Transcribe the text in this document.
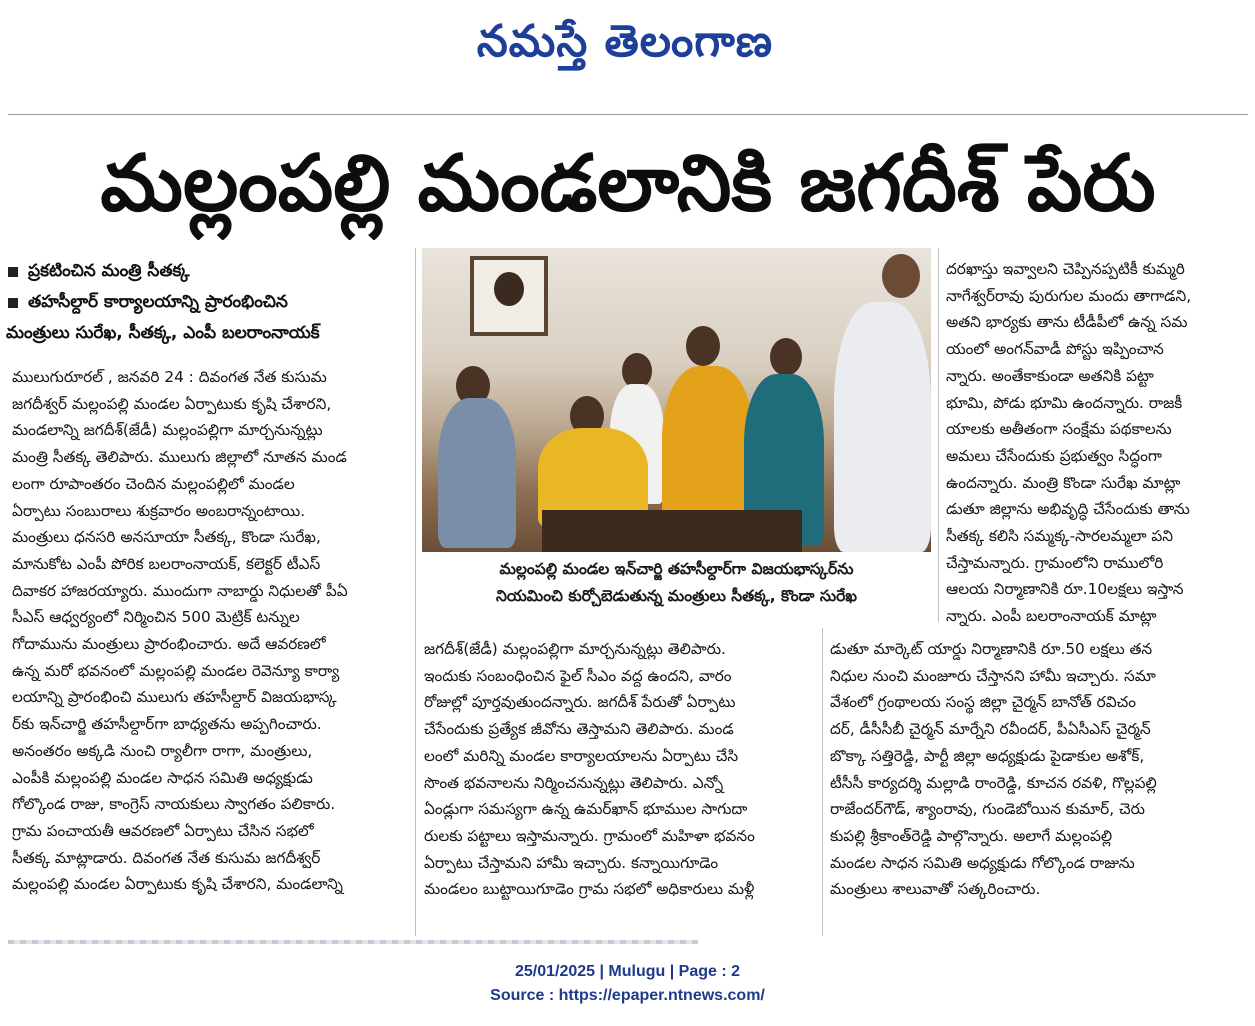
నమస్తే తెలంగాణ
మల్లంపల్లి మండలానికి జగదీశ్ పేరు
ప్రకటించిన మంత్రి సీతక్క
తహసీల్దార్ కార్యాలయాన్ని ప్రారంభించిన
మంత్రులు సురేఖ, సీతక్క, ఎంపీ బలరాంనాయక్

ములుగురూరల్ , జనవరి 24 : దివంగత నేత కుసుమ

జగదీశ్వర్ మల్లంపల్లి మండల ఏర్పాటుకు కృషి చేశారని,

మండలాన్ని జగదీశ్(జేడీ) మల్లంపల్లిగా మార్చనున్నట్లు

మంత్రి సీతక్క తెలిపారు. ములుగు జిల్లాలో నూతన మండ

లంగా రూపాంతరం చెందిన మల్లంపల్లిలో మండల

ఏర్పాటు సంబురాలు శుక్రవారం అంబరాన్నంటాయి.

మంత్రులు ధనసరి అనసూయా సీతక్క, కొండా సురేఖ,

మానుకోట ఎంపీ పోరిక బలరాంనాయక్, కలెక్టర్ టీఎస్

దివాకర హాజరయ్యారు. ముందుగా నాబార్డు నిధులతో పీఏ

సీఎస్ ఆధ్వర్యంలో నిర్మించిన 500 మెట్రిక్ టన్నుల

గోదామును మంత్రులు ప్రారంభించారు. అదే ఆవరణలో

ఉన్న మరో భవనంలో మల్లంపల్లి మండల రెవెన్యూ కార్యా

లయాన్ని ప్రారంభించి ములుగు తహసీల్దార్ విజయభాస్క

ర్‌కు ఇన్‌చార్జి తహసీల్దార్‌గా బాధ్యతను అప్పగించారు.

అనంతరం అక్కడి నుంచి ర్యాలీగా రాగా, మంత్రులు,

ఎంపీకి మల్లంపల్లి మండల సాధన సమితి అధ్యక్షుడు

గోల్కొండ రాజు, కాంగ్రెస్ నాయకులు స్వాగతం పలికారు.

గ్రామ పంచాయతీ ఆవరణలో ఏర్పాటు చేసిన సభలో

సీతక్క మాట్లాడారు. దివంగత నేత కుసుమ జగదీశ్వర్

మల్లంపల్లి మండల ఏర్పాటుకు కృషి చేశారని, మండలాన్ని

మల్లంపల్లి మండల ఇన్‌చార్జి తహసీల్దార్‌గా విజయభాస్కర్‌ను
నియమించి కుర్చోబెడుతున్న మంత్రులు సీతక్క, కొండా సురేఖ

జగదీశ్(జేడీ) మల్లంపల్లిగా మార్చనున్నట్లు తెలిపారు.

ఇందుకు సంబంధించిన ఫైల్ సీఎం వద్ద ఉందని, వారం

రోజుల్లో పూర్తవుతుందన్నారు. జగదీశ్ పేరుతో ఏర్పాటు

చేసేందుకు ప్రత్యేక జీవోను తెస్తామని తెలిపారు. మండ

లంలో మరిన్ని మండల కార్యాలయాలను ఏర్పాటు చేసి

సొంత భవనాలను నిర్మించనున్నట్లు తెలిపారు. ఎన్నో

ఏండ్లుగా సమస్యగా ఉన్న ఉమర్‌ఖాన్ భూముల సాగుదా

రులకు పట్టాలు ఇస్తామన్నారు. గ్రామంలో మహిళా భవనం

ఏర్పాటు చేస్తామని హామీ ఇచ్చారు. కన్నాయిగూడెం

మండలం బుట్టాయిగూడెం గ్రామ సభలో అధికారులు మళ్లీ

దరఖాస్తు ఇవ్వాలని చెప్పినప్పటికీ కుమ్మరి

నాగేశ్వర్‌రావు పురుగుల మందు తాగాడని,

అతని భార్యకు తాను టీడీపీలో ఉన్న సమ

యంలో అంగన్‌వాడీ పోస్టు ఇప్పించాన

న్నారు. అంతేకాకుండా అతనికి పట్టా

భూమి, పోడు భూమి ఉందన్నారు. రాజకీ

యాలకు అతీతంగా సంక్షేమ పథకాలను

అమలు చేసేందుకు ప్రభుత్వం సిద్ధంగా

ఉందన్నారు. మంత్రి కొండా సురేఖ మాట్లా

డుతూ జిల్లాను అభివృద్ధి చేసేందుకు తాను

సీతక్క కలిసి సమ్మక్క-సారలమ్మలా పని

చేస్తామన్నారు. గ్రామంలోని రాములోరి

ఆలయ నిర్మాణానికి రూ.10లక్షలు ఇస్తాన

న్నారు. ఎంపీ బలరాంనాయక్ మాట్లా

డుతూ మార్కెట్ యార్డు నిర్మాణానికి రూ.50 లక్షలు తన

నిధుల నుంచి మంజూరు చేస్తానని హామీ ఇచ్చారు. సమా

వేశంలో గ్రంథాలయ సంస్థ జిల్లా చైర్మన్ బానోత్ రవిచం

దర్, డీసీసీబీ చైర్మన్ మార్నేని రవీందర్, పీఏసీఎస్ చైర్మన్

బొక్కా సత్తిరెడ్డి, పార్టీ జిల్లా అధ్యక్షుడు పైడాకుల అశోక్,

టీసీసీ కార్యదర్శి మల్లాడి రాంరెడ్డి, కూచన రవళి, గొల్లపల్లి

రాజేందర్‌గౌడ్, శ్యాంరావు, గుండెబోయిన కుమార్, చెరు

కుపల్లి శ్రీకాంత్‌రెడ్డి పాల్గొన్నారు. అలాగే మల్లంపల్లి

మండల సాధన సమితి అధ్యక్షుడు గోల్కొండ రాజును

మంత్రులు శాలువాతో సత్కరించారు.

25/01/2025 | Mulugu | Page : 2
Source : https://epaper.ntnews.com/
